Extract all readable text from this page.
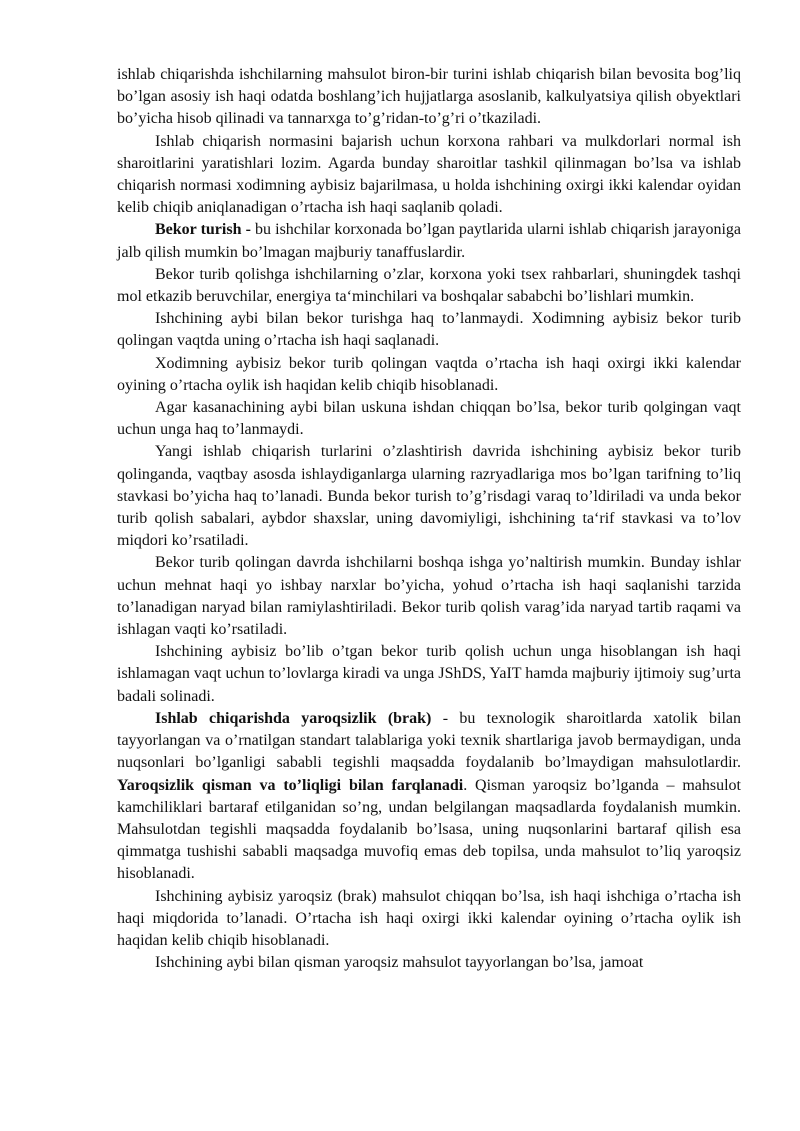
ishlab chiqarishda ishchilarning mahsulot biron-bir turini ishlab chiqarish bilan bevosita bog’liq bo’lgan asosiy ish haqi odatda boshlang’ich hujjatlarga asoslanib, kalkulyatsiya qilish obyektlari bo’yicha hisob qilinadi va tannarxga to’g’ridan-to’g’ri o’tkaziladi.

Ishlab chiqarish normasini bajarish uchun korxona rahbari va mulkdorlari normal ish sharoitlarini yaratishlari lozim. Agarda bunday sharoitlar tashkil qilinmagan bo’lsa va ishlab chiqarish normasi xodimning aybisiz bajarilmasa, u holda ishchining oxirgi ikki kalendar oyidan kelib chiqib aniqlanadigan o’rtacha ish haqi saqlanib qoladi.

Bekor turish - bu ishchilar korxonada bo’lgan paytlarida ularni ishlab chiqarish jarayoniga jalb qilish mumkin bo’lmagan majburiy tanaffuslardir.

Bekor turib qolishga ishchilarning o’zlar, korxona yoki tsex rahbarlari, shuningdek tashqi mol etkazib beruvchilar, energiya ta‘minchilari va boshqalar sababchi bo’lishlari mumkin.

Ishchining aybi bilan bekor turishga haq to’lanmaydi. Xodimning aybisiz bekor turib qolingan vaqtda uning o’rtacha ish haqi saqlanadi.

Xodimning aybisiz bekor turib qolingan vaqtda o’rtacha ish haqi oxirgi ikki kalendar oyining o’rtacha oylik ish haqidan kelib chiqib hisoblanadi.

Agar kasanachining aybi bilan uskuna ishdan chiqqan bo’lsa, bekor turib qolgingan vaqt uchun unga haq to’lanmaydi.

Yangi ishlab chiqarish turlarini o’zlashtirish davrida ishchining aybisiz bekor turib qolinganda, vaqtbay asosda ishlaydiganlarga ularning razryadlariga mos bo’lgan tarifning to’liq stavkasi bo’yicha haq to’lanadi. Bunda bekor turish to’g’risdagi varaq to’ldiriladi va unda bekor turib qolish sabalari, aybdor shaxslar, uning davomiyligi, ishchining ta‘rif stavkasi va to’lov miqdori ko’rsatiladi.

Bekor turib qolingan davrda ishchilarni boshqa ishga yo’naltirish mumkin. Bunday ishlar uchun mehnat haqi yo ishbay narxlar bo’yicha, yohud o’rtacha ish haqi saqlanishi tarzida to’lanadigan naryad bilan ramiylashtiriladi. Bekor turib qolish varag’ida naryad tartib raqami va ishlagan vaqti ko’rsatiladi.

Ishchining aybisiz bo’lib o’tgan bekor turib qolish uchun unga hisoblangan ish haqi ishlamagan vaqt uchun to’lovlarga kiradi va unga JShDS, YaIT hamda majburiy ijtimoiy sug’urta badali solinadi.

Ishlab chiqarishda yaroqsizlik (brak) - bu texnologik sharoitlarda xatolik bilan tayyorlangan va o’rnatilgan standart talablariga yoki texnik shartlariga javob bermaydigan, unda nuqsonlari bo’lganligi sababli tegishli maqsadda foydalanib bo’lmaydigan mahsulotlardir. Yaroqsizlik qisman va to’liqligi bilan farqlanadi. Qisman yaroqsiz bo’lganda – mahsulot kamchiliklari bartaraf etilganidan so’ng, undan belgilangan maqsadlarda foydalanish mumkin. Mahsulotdan tegishli maqsadda foydalanib bo’lsasa, uning nuqsonlarini bartaraf qilish esa qimmatga tushishi sababli maqsadga muvofiq emas deb topilsa, unda mahsulot to’liq yaroqsiz hisoblanadi.

Ishchining aybisiz yaroqsiz (brak) mahsulot chiqqan bo’lsa, ish haqi ishchiga o’rtacha ish haqi miqdorida to’lanadi. O’rtacha ish haqi oxirgi ikki kalendar oyining o’rtacha oylik ish haqidan kelib chiqib hisoblanadi.

Ishchining aybi bilan qisman yaroqsiz mahsulot tayyorlangan bo’lsa, jamoat
